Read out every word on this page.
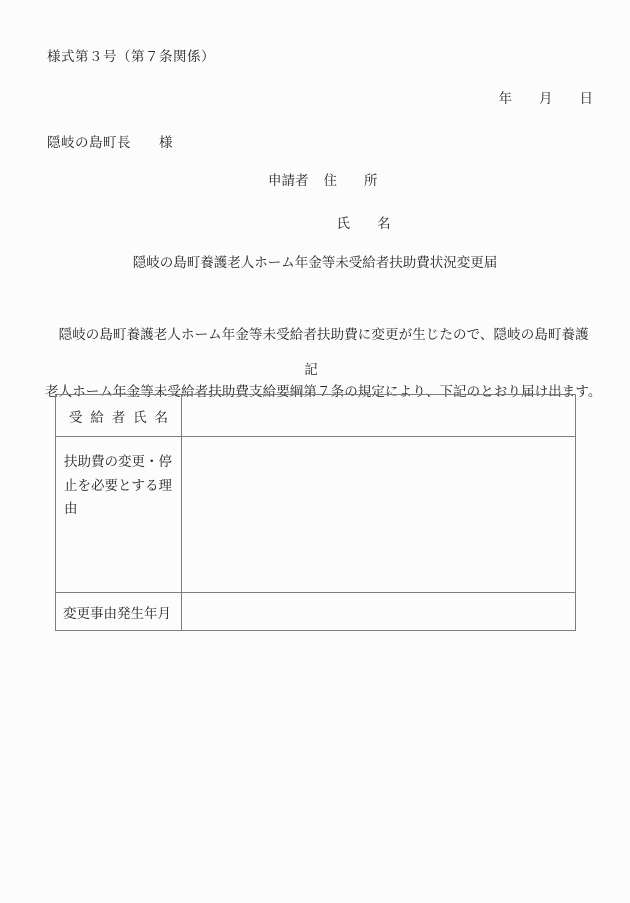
様式第３号（第７条関係）
年　　月　　日
隠岐の島町長　　様
申請者 住　　所

氏　　名

隠岐の島町養護老人ホーム年金等未受給者扶助費状況変更届

　隠岐の島町養護老人ホーム年金等未受給者扶助費に変更が生じたので、隠岐の島町養護

老人ホーム年金等未受給者扶助費支給要綱第７条の規定により、下記のとおり届け出ます。

記
受 給 者 氏 名	
扶助費の変更・停止を必要とする理由	
変更事由発生年月	
